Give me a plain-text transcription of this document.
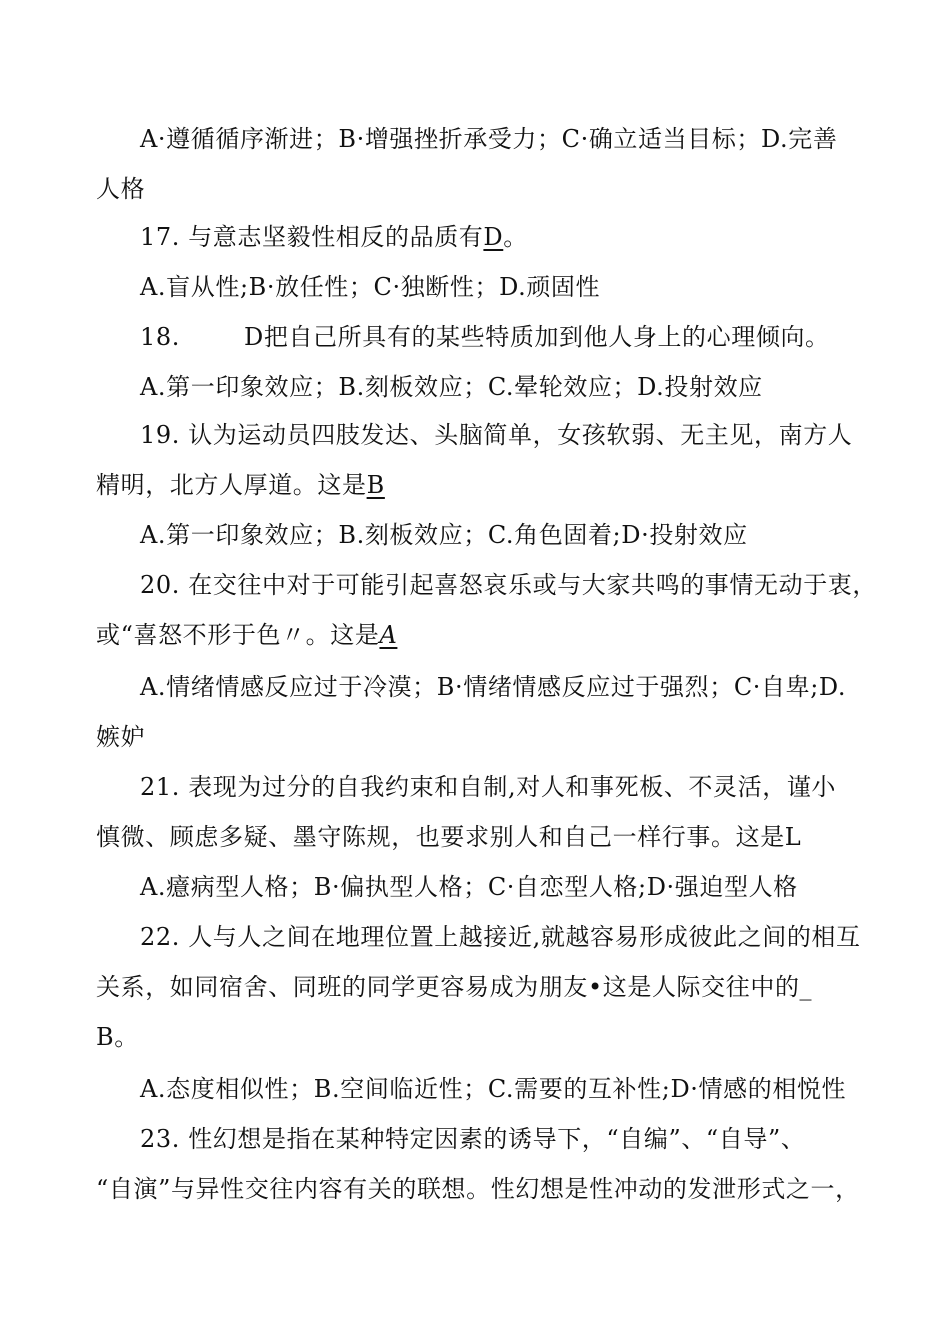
A·遵循循序渐进；B·增强挫折承受力；C·确立适当目标；D.完善
人格
17. 与意志坚毅性相反的品质有D。
A.盲从性;B·放任性；C·独断性；D.顽固性
18.	D把自己所具有的某些特质加到他人身上的心理倾向。
A.第一印象效应；B.刻板效应；C.晕轮效应；D.投射效应
19. 认为运动员四肢发达、头脑简单，女孩软弱、无主见，南方人
精明，北方人厚道。这是B
A.第一印象效应；B.刻板效应；C.角色固着;D·投射效应
20. 在交往中对于可能引起喜怒哀乐或与大家共鸣的事情无动于衷，
或“喜怒不形于色〃。这是A
A.情绪情感反应过于冷漠；B·情绪情感反应过于强烈；C·自卑;D.
嫉妒
21. 表现为过分的自我约束和自制,对人和事死板、不灵活，谨小
慎微、顾虑多疑、墨守陈规，也要求别人和自己一样行事。这是L
A.癔病型人格；B·偏执型人格；C·自恋型人格;D·强迫型人格
22. 人与人之间在地理位置上越接近,就越容易形成彼此之间的相互
关系，如同宿舍、同班的同学更容易成为朋友•这是人际交往中的_
B。
A.态度相似性；B.空间临近性；C.需要的互补性;D·情感的相悦性
23. 性幻想是指在某种特定因素的诱导下，“自编”、“自导”、
“自演”与异性交往内容有关的联想。性幻想是性冲动的发泄形式之一，
